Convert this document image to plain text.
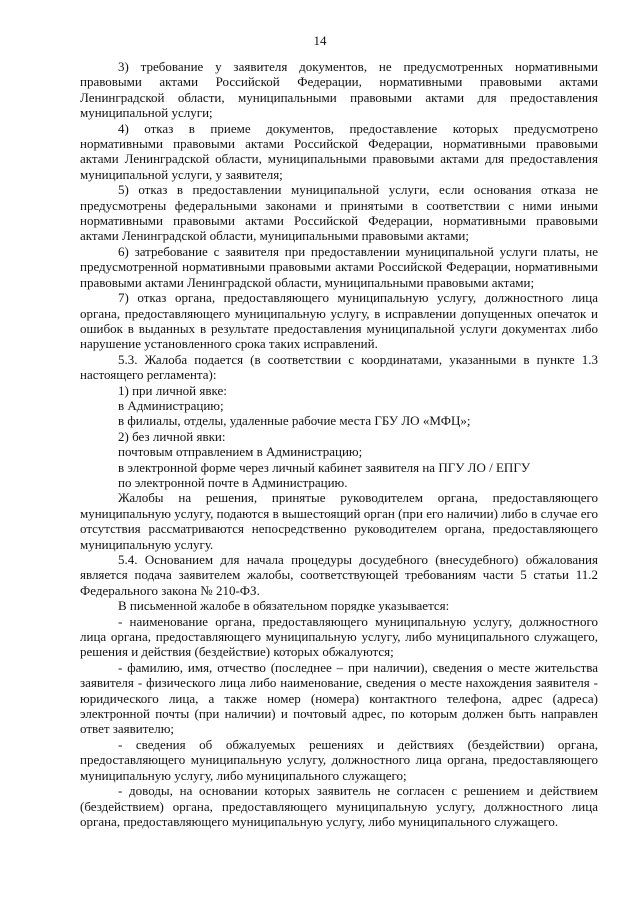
14

3) требование у заявителя документов, не предусмотренных нормативными правовыми актами Российской Федерации, нормативными правовыми актами Ленинградской области, муниципальными правовыми актами для предоставления муниципальной услуги;

4) отказ в приеме документов, предоставление которых предусмотрено нормативными правовыми актами Российской Федерации, нормативными правовыми актами Ленинградской области, муниципальными правовыми актами для предоставления муниципальной услуги, у заявителя;

5) отказ в предоставлении муниципальной услуги, если основания отказа не предусмотрены федеральными законами и принятыми в соответствии с ними иными нормативными правовыми актами Российской Федерации, нормативными правовыми актами Ленинградской области, муниципальными правовыми актами;

6) затребование с заявителя при предоставлении муниципальной услуги платы, не предусмотренной нормативными правовыми актами Российской Федерации, нормативными правовыми актами Ленинградской области, муниципальными правовыми актами;

7) отказ органа, предоставляющего муниципальную услугу, должностного лица органа, предоставляющего муниципальную услугу, в исправлении допущенных опечаток и ошибок в выданных в результате предоставления муниципальной услуги документах либо нарушение установленного срока таких исправлений.

5.3. Жалоба подается (в соответствии с координатами, указанными в пункте 1.3 настоящего регламента):

1) при личной явке:

в Администрацию;

в филиалы, отделы, удаленные рабочие места ГБУ ЛО «МФЦ»;

2) без личной явки:

почтовым отправлением в Администрацию;

в электронной форме через личный кабинет заявителя на ПГУ ЛО / ЕПГУ

по электронной почте в Администрацию.

Жалобы на решения, принятые руководителем органа, предоставляющего муниципальную услугу, подаются в вышестоящий орган (при его наличии) либо в случае его отсутствия рассматриваются непосредственно руководителем органа, предоставляющего муниципальную услугу.

5.4. Основанием для начала процедуры досудебного (внесудебного) обжалования является подача заявителем жалобы, соответствующей требованиям части 5 статьи 11.2 Федерального закона № 210-ФЗ.

В письменной жалобе в обязательном порядке указывается:

- наименование органа, предоставляющего муниципальную услугу, должностного лица органа, предоставляющего муниципальную услугу, либо муниципального служащего, решения и действия (бездействие) которых обжалуются;

- фамилию, имя, отчество (последнее – при наличии), сведения о месте жительства заявителя - физического лица либо наименование, сведения о месте нахождения заявителя - юридического лица, а также номер (номера) контактного телефона, адрес (адреса) электронной почты (при наличии) и почтовый адрес, по которым должен быть направлен ответ заявителю;

- сведения об обжалуемых решениях и действиях (бездействии) органа, предоставляющего муниципальную услугу, должностного лица органа, предоставляющего муниципальную услугу, либо муниципального служащего;

- доводы, на основании которых заявитель не согласен с решением и действием (бездействием) органа, предоставляющего муниципальную услугу, должностного лица органа, предоставляющего муниципальную услугу, либо муниципального служащего.
